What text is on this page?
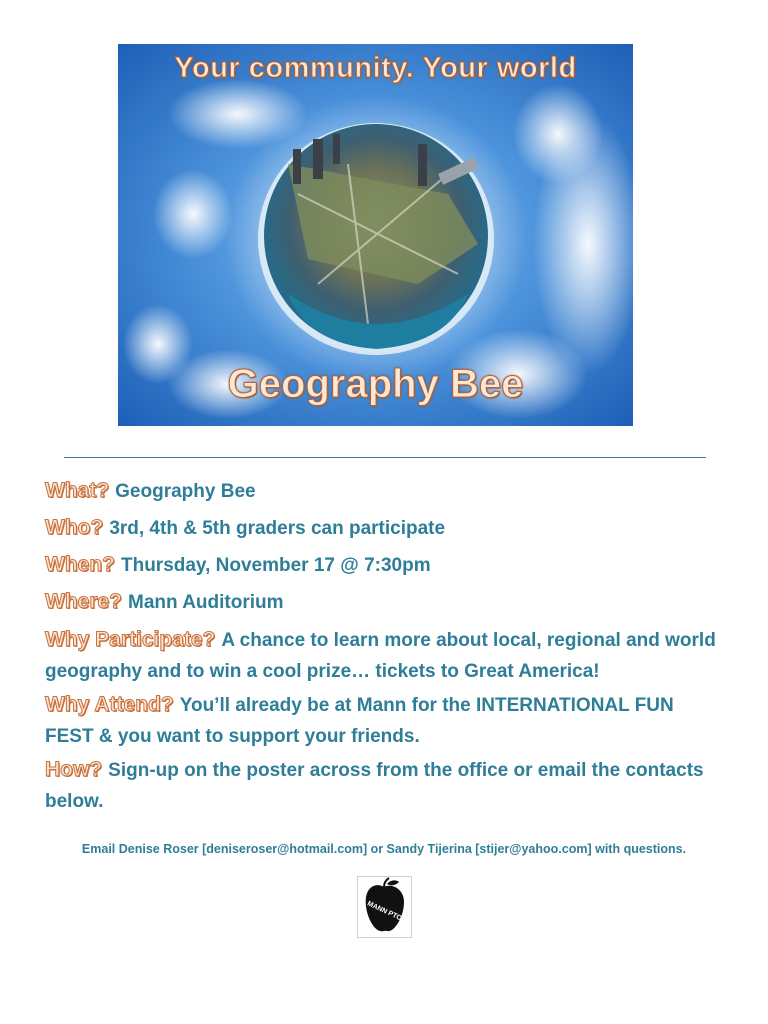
Your community. Your world
Geography Bee
What? Geography Bee
Who? 3rd, 4th & 5th graders can participate
When? Thursday, November 17 @ 7:30pm
Where? Mann Auditorium
Why Participate? A chance to learn more about local, regional and world geography and to win a cool prize… tickets to Great America!
Why Attend? You’ll already be at Mann for the INTERNATIONAL FUN FEST & you want to support your friends.
How? Sign-up on the poster across from the office or email the contacts below.
Email Denise Roser [deniseroser@hotmail.com] or Sandy Tijerina [stijer@yahoo.com] with questions.
MANN PTO
